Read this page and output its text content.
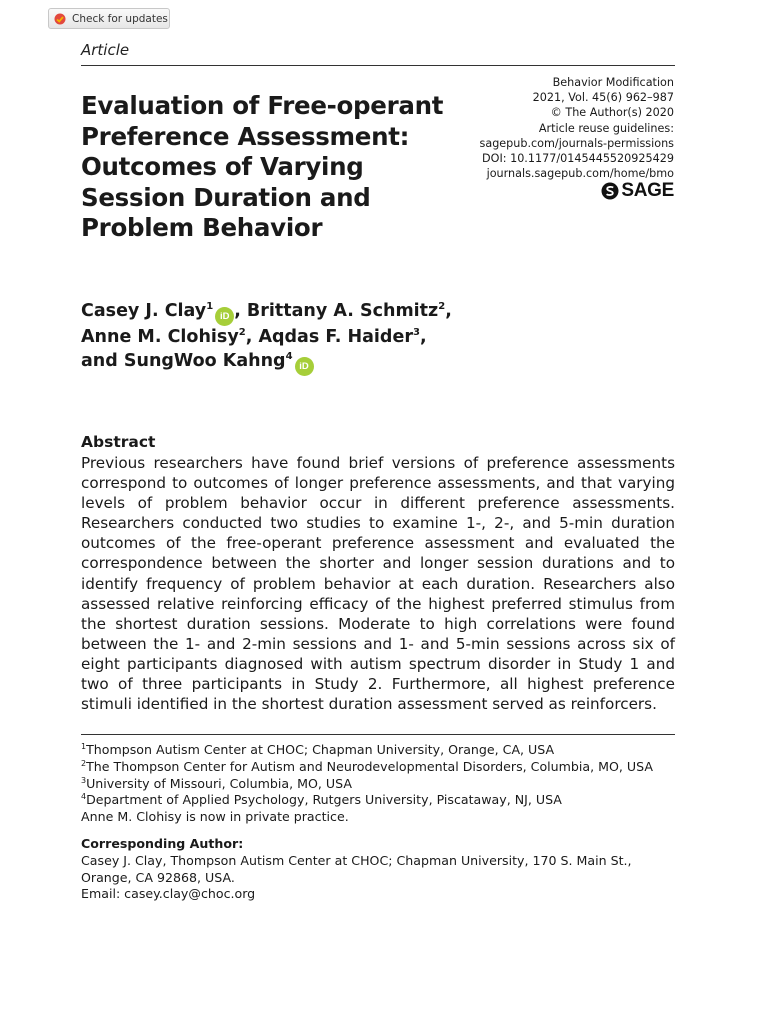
Check for updates
Article
Behavior Modification
2021, Vol. 45(6) 962–987
© The Author(s) 2020
Article reuse guidelines:
sagepub.com/journals-permissions
DOI: 10.1177/0145445520925429
journals.sagepub.com/home/bmo
SAGE
Evaluation of Free-operant Preference Assessment: Outcomes of Varying Session Duration and Problem Behavior
Casey J. Clay$^1$iD , Brittany A. Schmitz$^2$,
Anne M. Clohisy$^2$, Aqdas F. Haider$^3$,
and SungWoo Kahng$^4$iD
Abstract
Previous researchers have found brief versions of preference assessments correspond to outcomes of longer preference assessments, and that varying levels of problem behavior occur in different preference assessments. Researchers conducted two studies to examine 1-, 2-, and 5-min duration outcomes of the free-operant preference assessment and evaluated the correspondence between the shorter and longer session durations and to identify frequency of problem behavior at each duration. Researchers also assessed relative reinforcing efficacy of the highest preferred stimulus from the shortest duration sessions. Moderate to high correlations were found between the 1- and 2-min sessions and 1- and 5-min sessions across six of eight participants diagnosed with autism spectrum disorder in Study 1 and two of three participants in Study 2. Furthermore, all highest preference stimuli identified in the shortest duration assessment served as reinforcers.
$^1$Thompson Autism Center at CHOC; Chapman University, Orange, CA, USA
$^2$The Thompson Center for Autism and Neurodevelopmental Disorders, Columbia, MO, USA
$^3$University of Missouri, Columbia, MO, USA
$^4$Department of Applied Psychology, Rutgers University, Piscataway, NJ, USA
Anne M. Clohisy is now in private practice.
Corresponding Author:
Casey J. Clay, Thompson Autism Center at CHOC; Chapman University, 170 S. Main St.,
Orange, CA 92868, USA.
Email: casey.clay@choc.org
